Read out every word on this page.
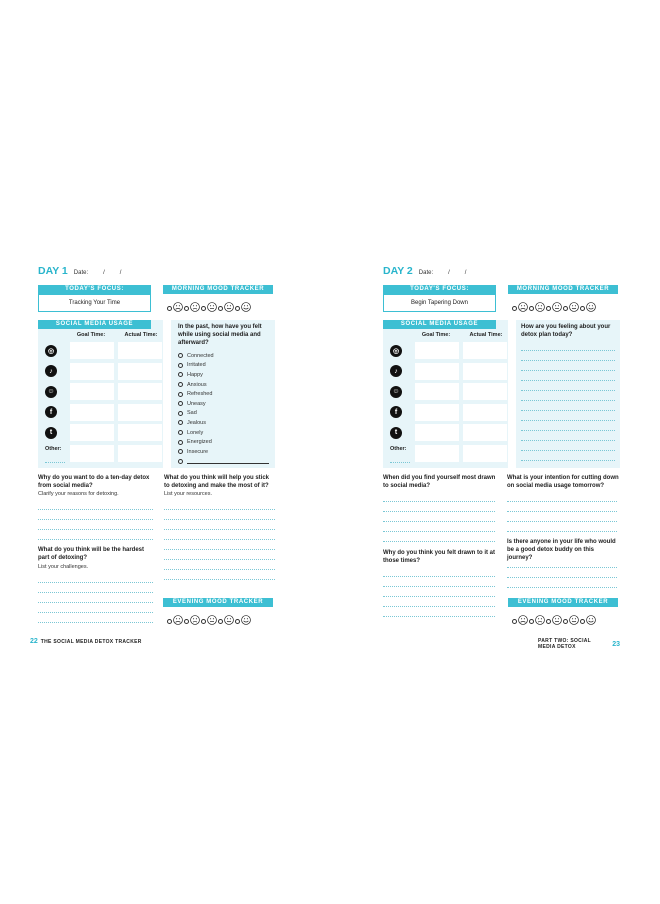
DAY 1 Date:	/	/
TODAY'S FOCUS:
Tracking Your Time
MORNING MOOD TRACKER
SOCIAL MEDIA USAGE
Goal Time:	Actual Time:
◎
♪
☺
f
t
Other:
In the past, how have you felt while using social media and afterward?
Connected
Irritated
Happy
Anxious
Refreshed
Uneasy
Sad
Jealous
Lonely
Energized
Insecure
Why do you want to do a ten-day detox from social media?
Clarify your reasons for detoxing.
What do you think will help you stick to detoxing and make the most of it?
List your resources.
What do you think will be the hardest part of detoxing?
List your challenges.
EVENING MOOD TRACKER
22 THE SOCIAL MEDIA DETOX TRACKER
DAY 2 Date:	/	/
TODAY'S FOCUS:
Begin Tapering Down
MORNING MOOD TRACKER
SOCIAL MEDIA USAGE
Goal Time:	Actual Time:
◎
♪
☺
f
t
Other:
How are you feeling about your detox plan today?
When did you find yourself most drawn to social media?
What is your intention for cutting down on social media usage tomorrow?
Why do you think you felt drawn to it at those times?
Is there anyone in your life who would be a good detox buddy on this journey?
EVENING MOOD TRACKER
PART TWO: SOCIAL MEDIA DETOX	23
